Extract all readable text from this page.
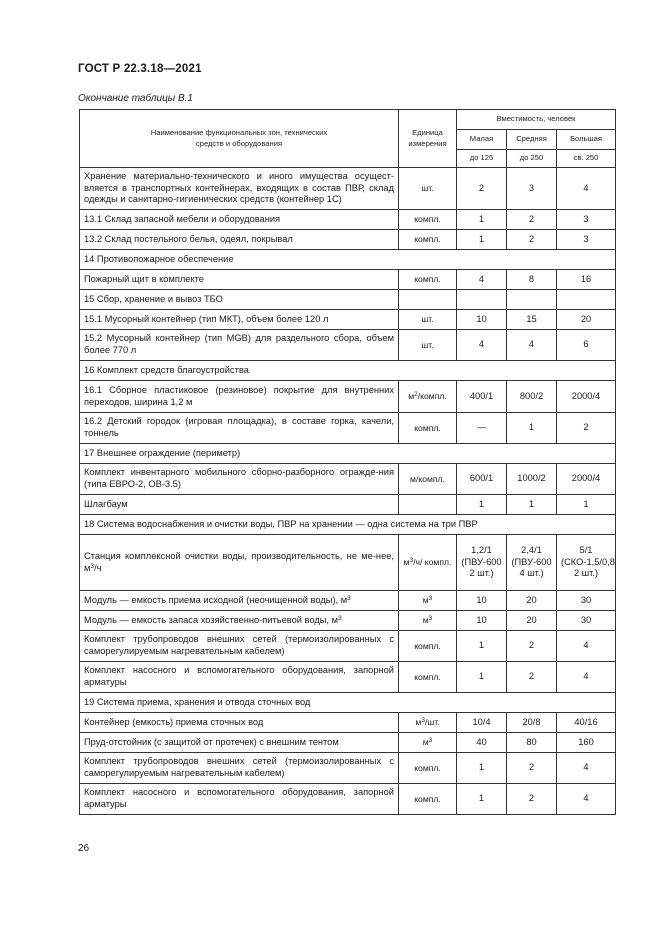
ГОСТ Р 22.3.18—2021
Окончание таблицы В.1
Наименование функциональных зон, технических средств и оборудования	Единица измерения	Вместимость, человек		
		Малая	Средняя	Большая
		до 125	до 250	св. 250
Хранение материально-технического и иного имущества осущест-вляется в транспортных контейнерах, входящих в состав ПВР, склад одежды и санитарно-гигиенических средств (контейнер 1С)	шт.	2	3	4
13.1 Склад запасной мебели и оборудования	компл.	1	2	3
13.2 Склад постельного белья, одеял, покрывал	компл.	1	2	3
14 Противопожарное обеспечение				
Пожарный щит в комплекте	компл.	4	8	16
15 Сбор, хранение и вывоз ТБО				
15.1 Мусорный контейнер (тип МКТ), объем более 120 л	шт.	10	15	20
15.2 Мусорный контейнер (тип MGB) для раздельного сбора, объем более 770 л	шт.	4	4	6
16 Комплект средств благоустройства				
16.1 Сборное пластиковое (резиновое) покрытие для внутренних переходов, ширина 1,2 м	$м^2$/компл.	400/1	800/2	2000/4
16.2 Детский городок (игровая площадка), в составе горка, качели, тоннель	компл.	—	1	2
17 Внешнее ограждение (периметр)				
Комплект инвентарного мобильного сборно-разборного огражде-ния (типа ЕВРО-2, ОВ-3.5)	м/компл.	600/1	1000/2	2000/4
Шлагбаум		1	1	1
18 Система водоснабжения и очистки воды, ПВР на хранении — одна система на три ПВР				
Станция комплексной очистки воды, производительность, не ме-нее, $м^3/ч$	$м^3/ч/$ компл.	1,2/1 (ПВУ-600 2 шт.)	2,4/1 (ПВУ-600 4 шт.)	5/1 (СКО-1,5/0,8 2 шт.)
Модуль — емкость приема исходной (неочищенной воды), $м^3$	$м^3$	10	20	30
Модуль — емкость запаса хозяйственно-питьевой воды, $м^3$	$м^3$	10	20	30
Комплект трубопроводов внешних сетей (термоизолированных с саморегулируемым нагревательным кабелем)	компл.	1	2	4
Комплект насосного и вспомогательного оборудования, запорной арматуры	компл.	1	2	4
19 Система приема, хранения и отвода сточных вод				
Контейнер (емкость) приема сточных вод	$м^3/шт$.	10/4	20/8	40/16
Пруд-отстойник (с защитой от протечек) с внешним тентом	$м^3$	40	80	160
Комплект трубопроводов внешних сетей (термоизолированных с саморегулируемым нагревательным кабелем)	компл.	1	2	4
Комплект насосного и вспомогательного оборудования, запорной арматуры	компл.	1	2	4
26
